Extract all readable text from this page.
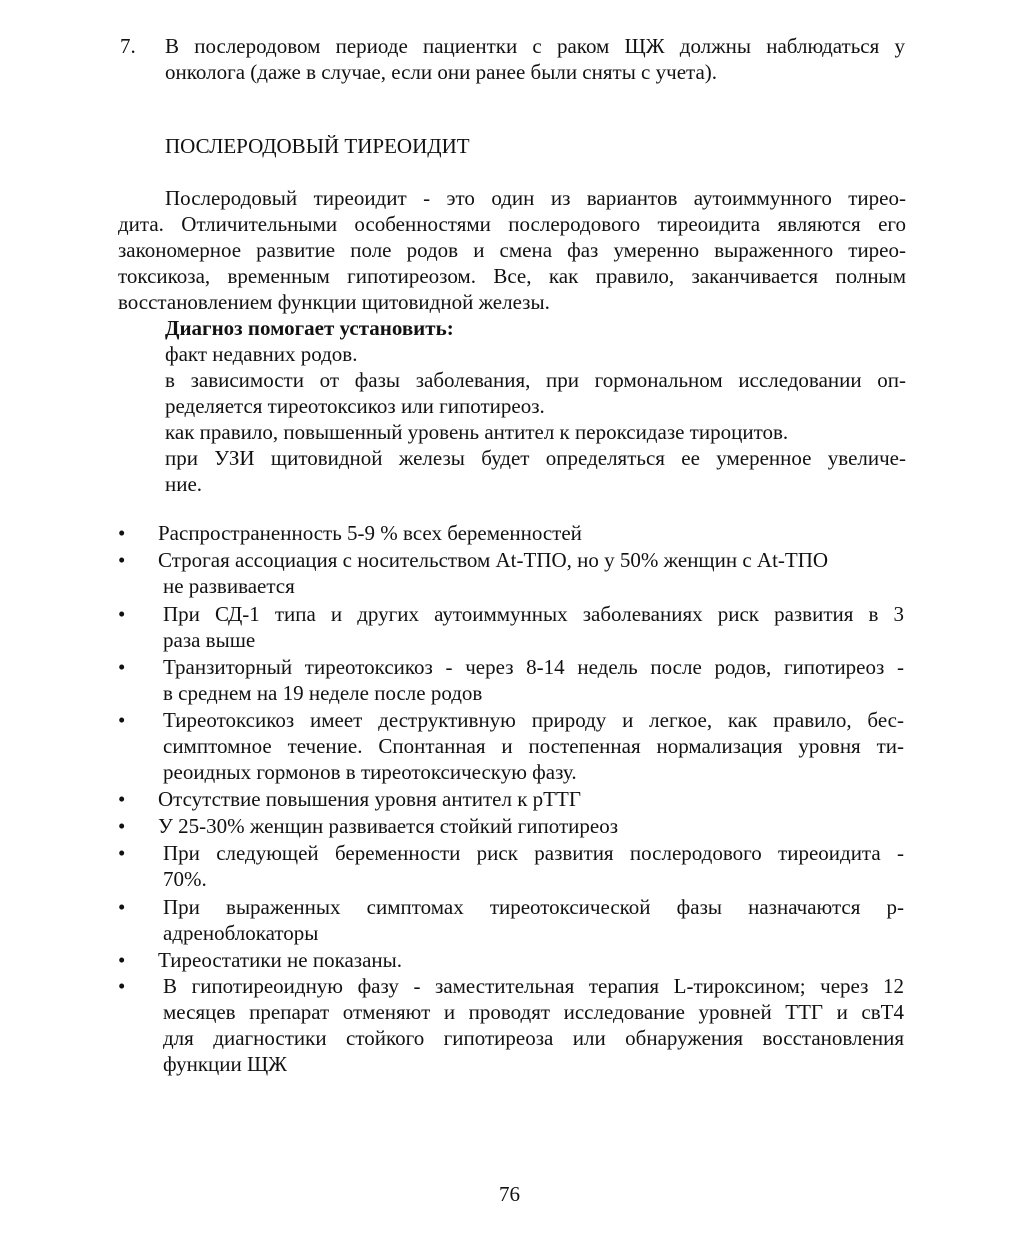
7. В послеродовом периоде пациентки с раком ЩЖ должны наблюдаться у
онколога (даже в случае, если они ранее были сняты с учета).
ПОСЛЕРОДОВЫЙ ТИРЕОИДИТ
Послеродовый тиреоидит - это один из вариантов аутоиммунного тирео-
дита. Отличительными особенностями послеродового тиреоидита являются его
закономерное развитие поле родов и смена фаз умеренно выраженного тирео-
токсикоза, временным гипотиреозом. Все, как правило, заканчивается полным
восстановлением функции щитовидной железы.
Диагноз помогает установить:
факт недавних родов.
в зависимости от фазы заболевания, при гормональном исследовании оп-
ределяется тиреотоксикоз или гипотиреоз.
как правило, повышенный уровень антител к пероксидазе тироцитов.
при УЗИ щитовидной железы будет определяться ее умеренное увеличе-
ние.
• Распространенность 5-9 % всех беременностей
• Строгая ассоциация с носительством At-ТПО, но у 50% женщин с At-ТПО
не развивается
• При СД-1 типа и других аутоиммунных заболеваниях риск развития в 3
раза выше
• Транзиторный тиреотоксикоз - через 8-14 недель после родов, гипотиреоз -
в среднем на 19 неделе после родов
• Тиреотоксикоз имеет деструктивную природу и легкое, как правило, бес-
симптомное течение. Спонтанная и постепенная нормализация уровня ти-
реоидных гормонов в тиреотоксическую фазу.
• Отсутствие повышения уровня антител к рТТГ
• У 25-30% женщин развивается стойкий гипотиреоз
• При следующей беременности риск развития послеродового тиреоидита -
70%.
• При выраженных симптомах тиреотоксической фазы назначаются р-
адреноблокаторы
• Тиреостатики не показаны.
• В гипотиреоидную фазу - заместительная терапия L-тироксином; через 12
месяцев препарат отменяют и проводят исследование уровней ТТГ и свТ4
для диагностики стойкого гипотиреоза или обнаружения восстановления
функции ЩЖ
76
